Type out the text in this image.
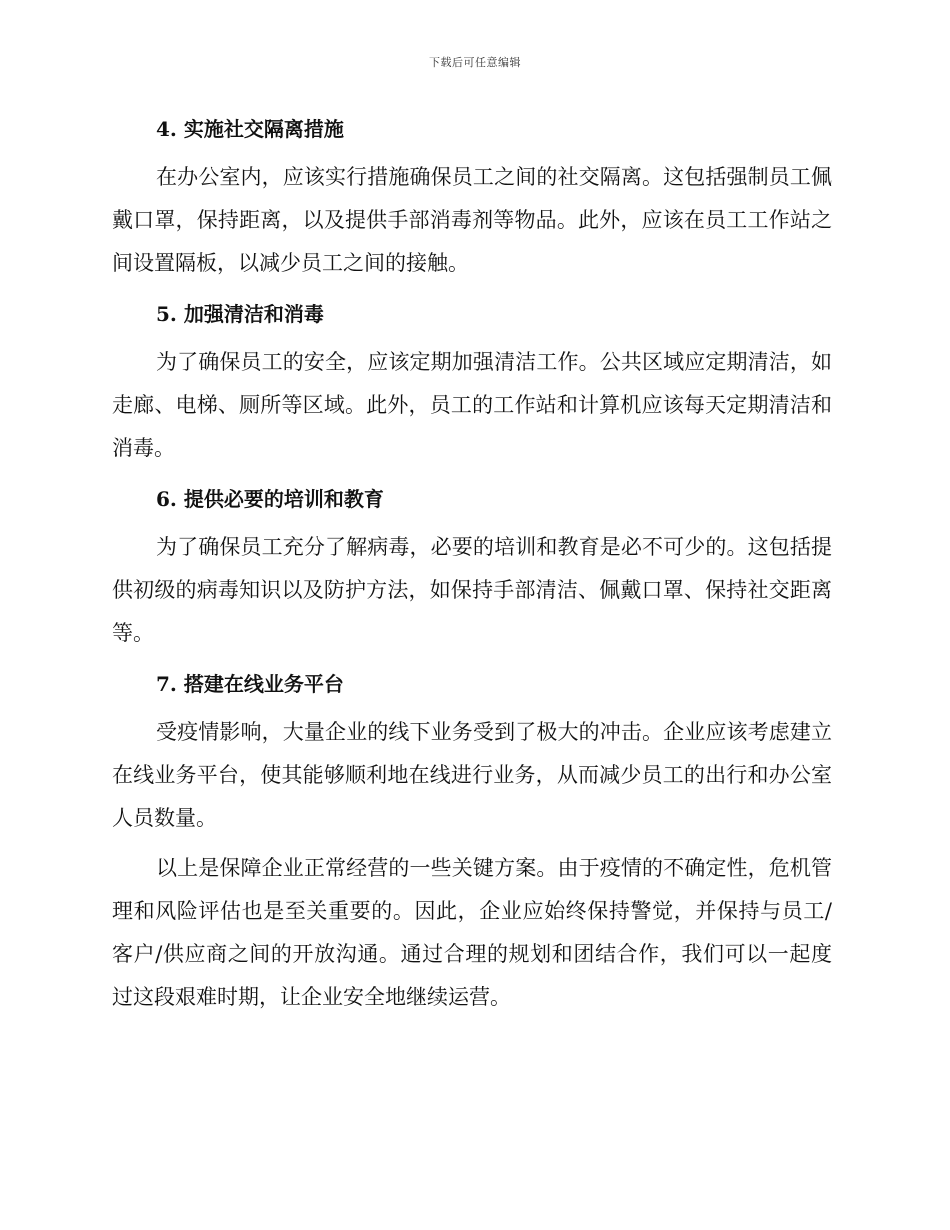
下载后可任意编辑
4. 实施社交隔离措施

在办公室内，应该实行措施确保员工之间的社交隔离。这包括强制员工佩戴口罩，保持距离，以及提供手部消毒剂等物品。此外，应该在员工工作站之间设置隔板，以减少员工之间的接触。

5. 加强清洁和消毒

为了确保员工的安全，应该定期加强清洁工作。公共区域应定期清洁，如走廊、电梯、厕所等区域。此外，员工的工作站和计算机应该每天定期清洁和消毒。

6. 提供必要的培训和教育

为了确保员工充分了解病毒，必要的培训和教育是必不可少的。这包括提供初级的病毒知识以及防护方法，如保持手部清洁、佩戴口罩、保持社交距离等。

7. 搭建在线业务平台

受疫情影响，大量企业的线下业务受到了极大的冲击。企业应该考虑建立在线业务平台，使其能够顺利地在线进行业务，从而减少员工的出行和办公室人员数量。

以上是保障企业正常经营的一些关键方案。由于疫情的不确定性，危机管理和风险评估也是至关重要的。因此，企业应始终保持警觉，并保持与员工/客户/供应商之间的开放沟通。通过合理的规划和团结合作，我们可以一起度过这段艰难时期，让企业安全地继续运营。
